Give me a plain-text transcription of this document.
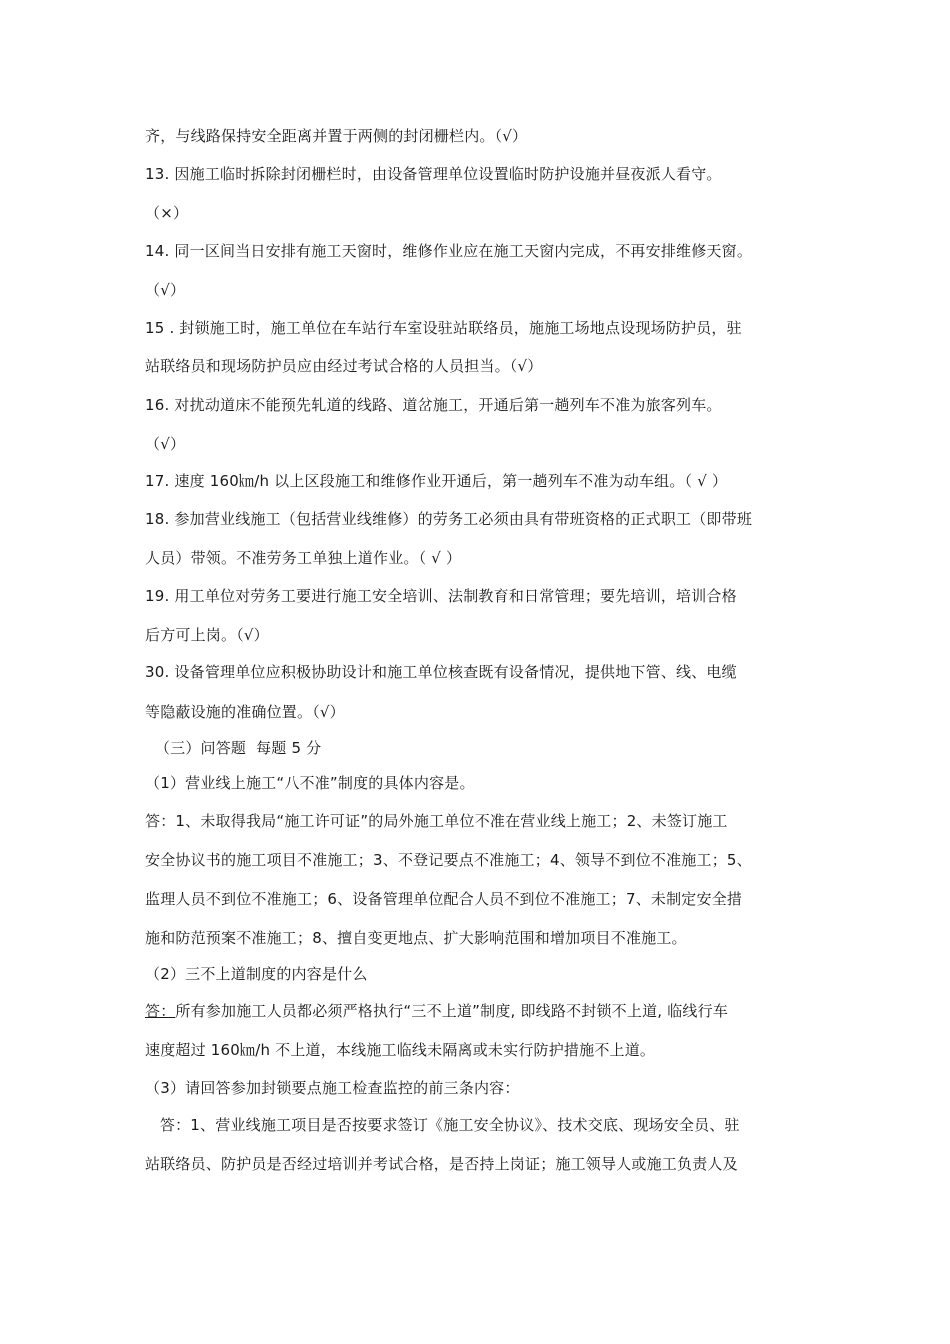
齐，与线路保持安全距离并置于两侧的封闭栅栏内。（√）
13. 因施工临时拆除封闭栅栏时，由设备管理单位设置临时防护设施并昼夜派人看守。
（×）
14. 同一区间当日安排有施工天窗时，维修作业应在施工天窗内完成，不再安排维修天窗。
（√）
15 . 封锁施工时，施工单位在车站行车室设驻站联络员，施施工场地点设现场防护员，驻
站联络员和现场防护员应由经过考试合格的人员担当。（√）
16. 对扰动道床不能预先轧道的线路、道岔施工，开通后第一趟列车不准为旅客列车。
（√）
17. 速度 160㎞/h 以上区段施工和维修作业开通后，第一趟列车不准为动车组。（ √ ）
18. 参加营业线施工（包括营业线维修）的劳务工必须由具有带班资格的正式职工（即带班
人员）带领。不准劳务工单独上道作业。（ √ ）
19. 用工单位对劳务工要进行施工安全培训、法制教育和日常管理；要先培训，培训合格
后方可上岗。（√）
30. 设备管理单位应积极协助设计和施工单位核查既有设备情况，提供地下管、线、电缆
等隐蔽设施的准确位置。（√）
（三）问答题  每题 5 分
（1）营业线上施工“八不准”制度的具体内容是。
答：1、未取得我局“施工许可证”的局外施工单位不准在营业线上施工；2、未签订施工
安全协议书的施工项目不准施工；3、不登记要点不准施工；4、领导不到位不准施工；5、
监理人员不到位不准施工；6、设备管理单位配合人员不到位不准施工；7、未制定安全措
施和防范预案不准施工；8、擅自变更地点、扩大影响范围和增加项目不准施工。
（2）三不上道制度的内容是什么
答：所有参加施工人员都必须严格执行“三不上道”制度, 即线路不封锁不上道, 临线行车
速度超过 160㎞/h 不上道，本线施工临线未隔离或未实行防护措施不上道。
（3）请回答参加封锁要点施工检查监控的前三条内容：
答：1、营业线施工项目是否按要求签订《施工安全协议》、技术交底、现场安全员、驻
站联络员、防护员是否经过培训并考试合格，是否持上岗证；施工领导人或施工负责人及
